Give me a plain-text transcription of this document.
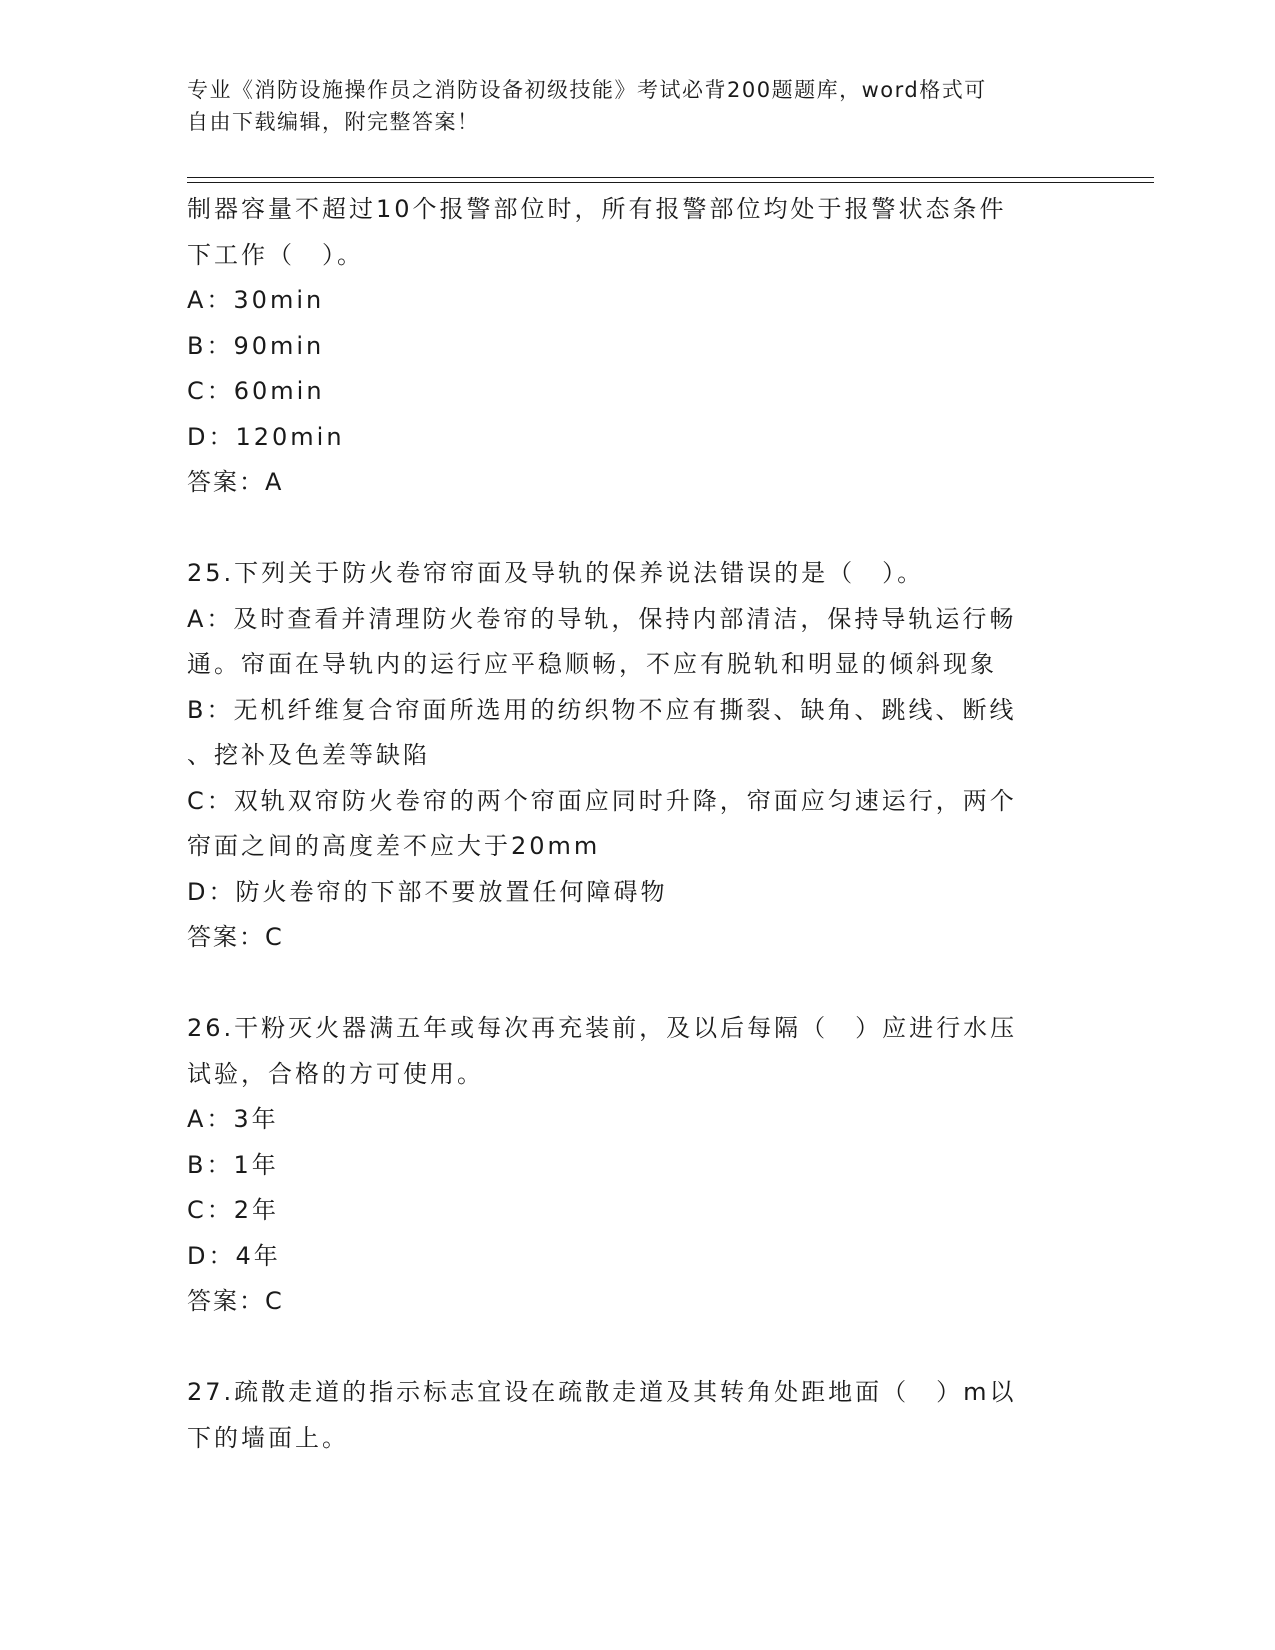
专业《消防设施操作员之消防设备初级技能》考试必背200题题库，word格式可
自由下载编辑，附完整答案！
制器容量不超过10个报警部位时，所有报警部位均处于报警状态条件
下工作（　）。
A：30min
B：90min
C：60min
D：120min
答案：A
25.下列关于防火卷帘帘面及导轨的保养说法错误的是（　）。
A：及时查看并清理防火卷帘的导轨，保持内部清洁，保持导轨运行畅
通。帘面在导轨内的运行应平稳顺畅，不应有脱轨和明显的倾斜现象
B：无机纤维复合帘面所选用的纺织物不应有撕裂、缺角、跳线、断线
、挖补及色差等缺陷
C：双轨双帘防火卷帘的两个帘面应同时升降，帘面应匀速运行，两个
帘面之间的高度差不应大于20mm
D：防火卷帘的下部不要放置任何障碍物
答案：C
26.干粉灭火器满五年或每次再充装前，及以后每隔（　）应进行水压
试验，合格的方可使用。
A：3年
B：1年
C：2年
D：4年
答案：C
27.疏散走道的指示标志宜设在疏散走道及其转角处距地面（　）m以
下的墙面上。
